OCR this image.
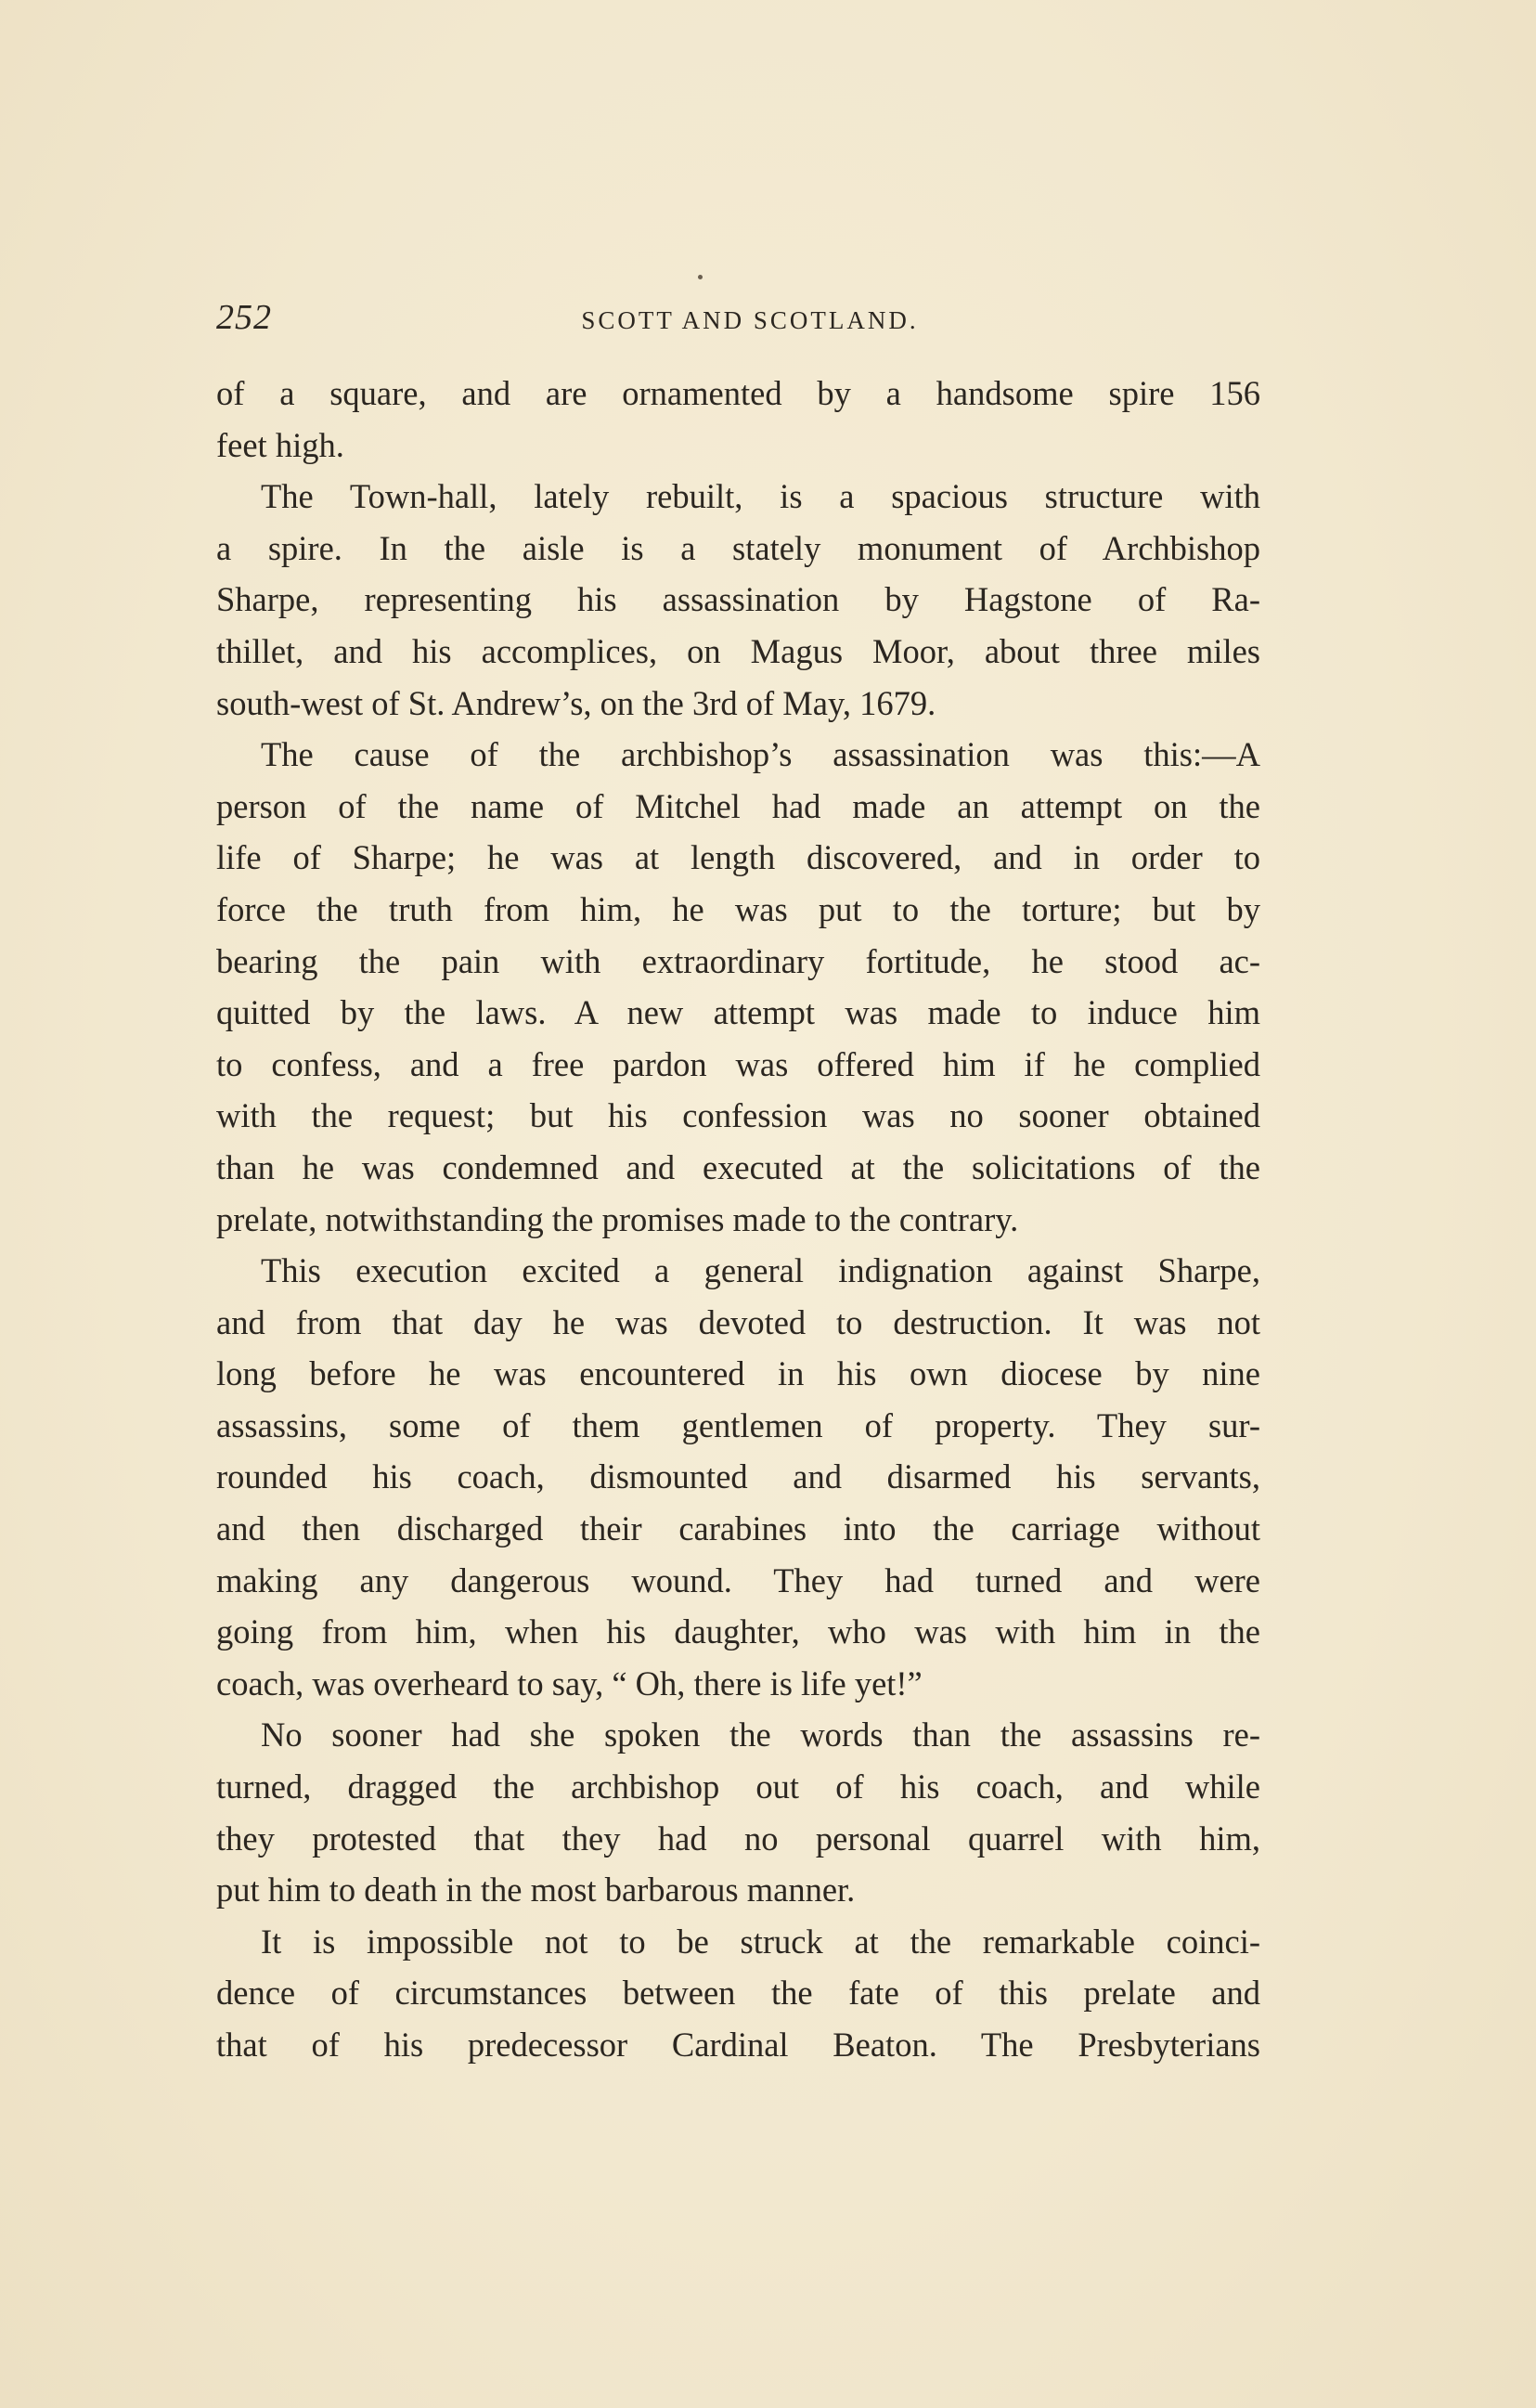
252	SCOTT AND SCOTLAND.
of a square, and are ornamented by a handsome spire 156
feet high.
The Town-hall, lately rebuilt, is a spacious structure with
a spire. In the aisle is a stately monument of Archbishop
Sharpe, representing his assassination by Hagstone of Ra-
thillet, and his accomplices, on Magus Moor, about three miles
south-west of St. Andrew’s, on the 3rd of May, 1679.
The cause of the archbishop’s assassination was this:—A
person of the name of Mitchel had made an attempt on the
life of Sharpe; he was at length discovered, and in order to
force the truth from him, he was put to the torture; but by
bearing the pain with extraordinary fortitude, he stood ac-
quitted by the laws. A new attempt was made to induce him
to confess, and a free pardon was offered him if he complied
with the request; but his confession was no sooner obtained
than he was condemned and executed at the solicitations of the
prelate, notwithstanding the promises made to the contrary.
This execution excited a general indignation against Sharpe,
and from that day he was devoted to destruction. It was not
long before he was encountered in his own diocese by nine
assassins, some of them gentlemen of property. They sur-
rounded his coach, dismounted and disarmed his servants,
and then discharged their carabines into the carriage without
making any dangerous wound. They had turned and were
going from him, when his daughter, who was with him in the
coach, was overheard to say, “ Oh, there is life yet!”
No sooner had she spoken the words than the assassins re-
turned, dragged the archbishop out of his coach, and while
they protested that they had no personal quarrel with him,
put him to death in the most barbarous manner.
It is impossible not to be struck at the remarkable coinci-
dence of circumstances between the fate of this prelate and
that of his predecessor Cardinal Beaton. The Presbyterians
